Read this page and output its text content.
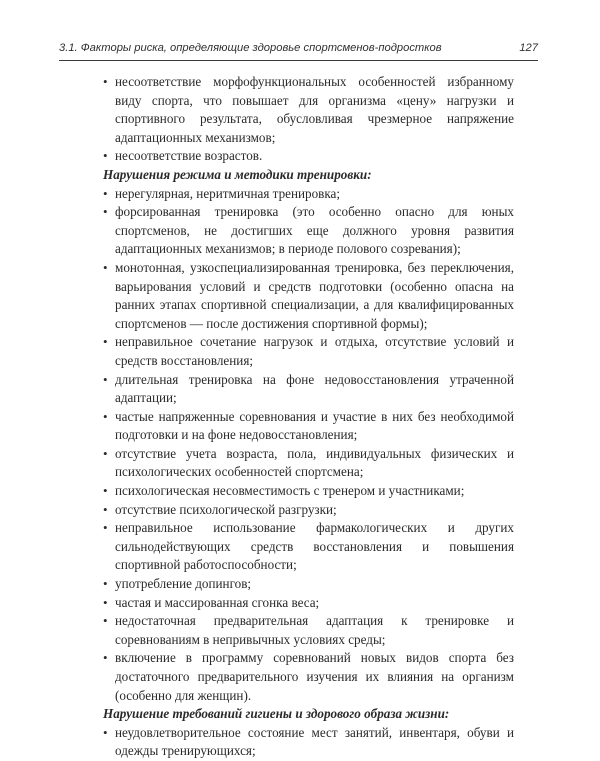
3.1. Факторы риска, определяющие здоровье спортсменов-подростков	127
• несоответствие морфофункциональных особенностей избранному виду спорта, что повышает для организма «цену» нагрузки и спортивного результата, обусловливая чрезмерное напряжение адаптационных механизмов;
• несоответствие возрастов.

Нарушения режима и методики тренировки:

• нерегулярная, неритмичная тренировка;
• форсированная тренировка (это особенно опасно для юных спортсменов, не достигших еще должного уровня развития адаптационных механизмов; в периоде полового созревания);
• монотонная, узкоспециализированная тренировка, без переключения, варьирования условий и средств подготовки (особенно опасна на ранних этапах спортивной специализации, а для квалифицированных спортсменов — после достижения спортивной формы);
• неправильное сочетание нагрузок и отдыха, отсутствие условий и средств восстановления;
• длительная тренировка на фоне недовосстановления утраченной адаптации;
• частые напряженные соревнования и участие в них без необходимой подготовки и на фоне недовосстановления;
• отсутствие учета возраста, пола, индивидуальных физических и психологических особенностей спортсмена;
• психологическая несовместимость с тренером и участниками;
• отсутствие психологической разгрузки;
• неправильное использование фармакологических и других сильнодействующих средств восстановления и повышения спортивной работоспособности;
• употребление допингов;
• частая и массированная сгонка веса;
• недостаточная предварительная адаптация к тренировке и соревнованиям в непривычных условиях среды;
• включение в программу соревнований новых видов спорта без достаточного предварительного изучения их влияния на организм (особенно для женщин).

Нарушение требований гигиены и здорового образа жизни:

• неудовлетворительное состояние мест занятий, инвентаря, обуви и одежды тренирующихся;
